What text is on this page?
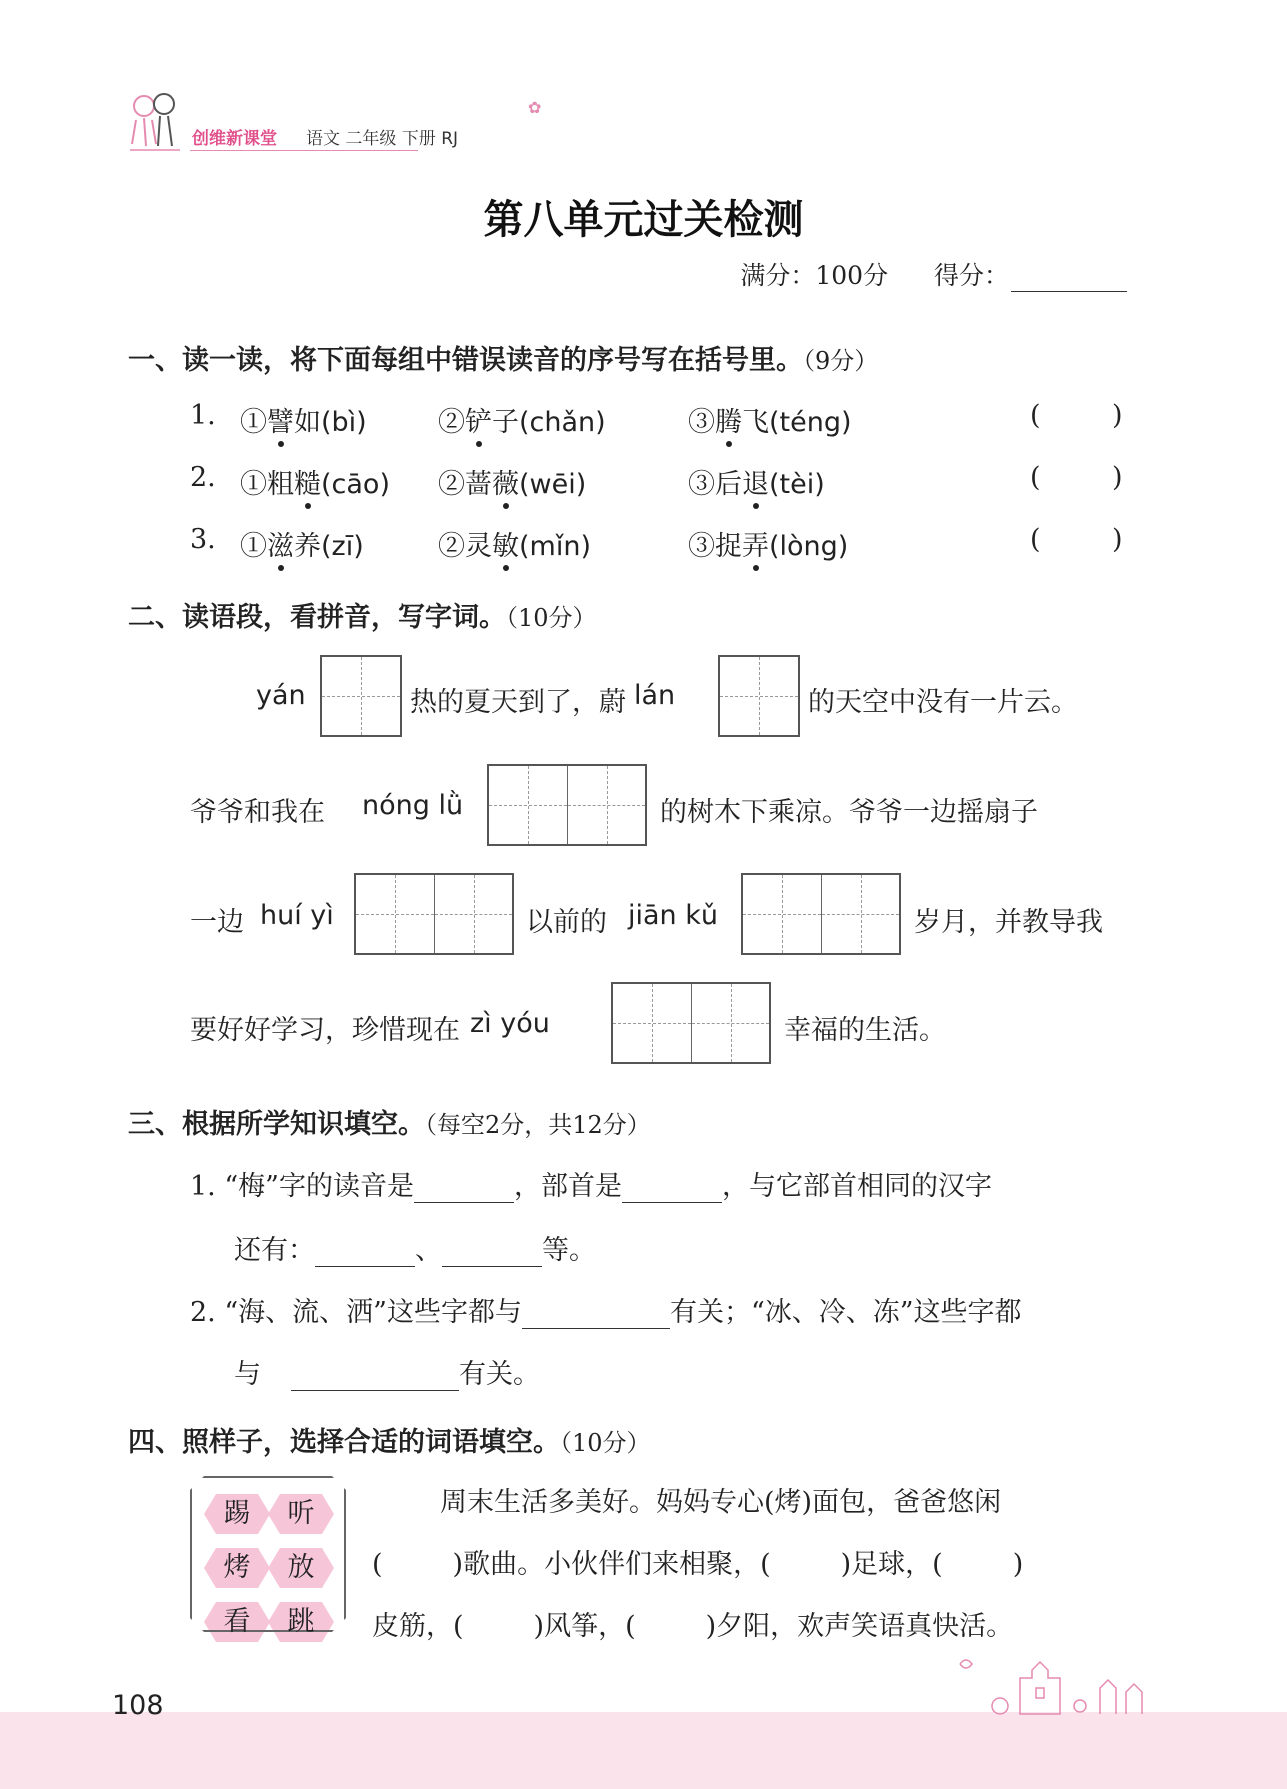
创维新课堂 语文 二年级 下册 RJ
✿
第八单元过关检测
满分：100分 得分：
一、读一读，将下面每组中错误读音的序号写在括号里。（9分）
1. ①譬如(bì)	②铲子(chǎn)	③腾飞(téng)	(	)
2. ①粗糙(cāo) ②蔷薇(wēi)	③后退(tèi)	(	)
3. ①滋养(zī)	②灵敏(mǐn)	③捉弄(lòng)	(	)
二、读语段，看拼音，写字词。（10分）
yán	热的夏天到了，蔚 lán	的天空中没有一片云。
爷爷和我在 nóng lǜ	的树木下乘凉。爷爷一边摇扇子
一边 huí yì	以前的 jiān kǔ	岁月，并教导我
要好好学习，珍惜现在 zì yóu	幸福的生活。
三、根据所学知识填空。（每空2分，共12分）
1. “梅”字的读音是	，部首是	，与它部首相同的汉字
还有：	、	等。
2. “海、流、洒”这些字都与	有关；“冰、冷、冻”这些字都
与	有关。
四、照样子，选择合适的词语填空。（10分）
踢	听
烤	放
看	跳
周末生活多美好。妈妈专心(烤)面包，爸爸悠闲
(	)歌曲。小伙伴们来相聚，(	)足球，(	)
皮筋，(	)风筝，(	)夕阳，欢声笑语真快活。
108
